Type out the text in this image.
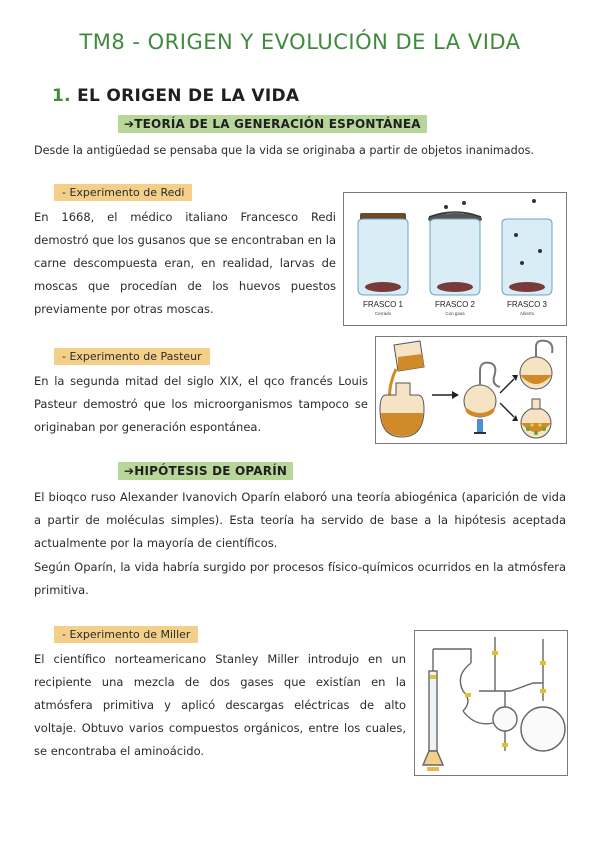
TM8 - ORIGEN Y EVOLUCIÓN DE LA VIDA
1. EL ORIGEN DE LA VIDA
➔TEORÍA DE LA GENERACIÓN ESPONTÁNEA
Desde la antigüedad se pensaba que la vida se originaba a partir de objetos inanimados.
- Experimento de Redi
En 1668, el médico italiano Francesco Redi demostró que los gusanos que se encontraban en la carne descompuesta eran, en realidad, larvas de moscas que procedían de los huevos puestos previamente por otras moscas.	FRASCO 1	FRASCO 2	FRASCO 3
Cerrado	Con gasa	Abierto
- Experimento de Pasteur
En la segunda mitad del siglo XIX, el qco francés Louis Pasteur demostró que los microorganismos tampoco se originaban por generación espontánea.
➔HIPÓTESIS DE OPARÍN
El bioqco ruso Alexander Ivanovich Oparín elaboró una teoría abiogénica (aparición de vida a partir de moléculas simples). Esta teoría ha servido de base a la hipótesis aceptada actualmente por la mayoría de científicos.
Según Oparín, la vida habría surgido por procesos físico-químicos ocurridos en la atmósfera primitiva.
- Experimento de Miller
El científico norteamericano Stanley Miller introdujo en un recipiente una mezcla de dos gases que existían en la atmósfera primitiva y aplicó descargas eléctricas de alto voltaje. Obtuvo varios compuestos orgánicos, entre los cuales, se encontraba el aminoácido.
